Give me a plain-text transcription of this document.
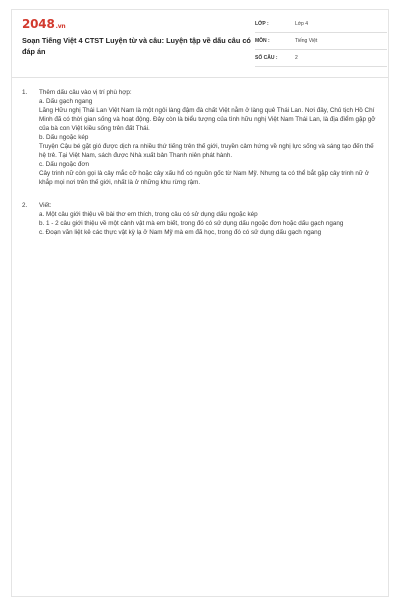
2048.vn
Soạn Tiếng Việt 4 CTST Luyện từ và câu: Luyện tập về dấu câu có đáp án
LỚP :	Lớp 4
MÔN :	Tiếng Việt
SỐ CÂU :	2
1. Thêm dấu câu vào vị trí phù hợp:

a. Dấu gạch ngang

Lăng Hữu nghị Thái Lan Việt Nam là một ngôi làng đậm đà chất Việt nằm ở làng quê Thái Lan. Nơi đây, Chủ tịch Hồ Chí Minh đã có thời gian sống và hoạt động. Đây còn là biểu tượng của tình hữu nghị Việt Nam Thái Lan, là địa điểm gặp gỡ của bà con Việt kiều sống trên đất Thái.

b. Dấu ngoặc kép

Truyện Cậu bé gặt gió được dịch ra nhiều thứ tiếng trên thế giới, truyền cảm hứng về nghị lực sống và sáng tạo đến thế hệ trẻ. Tại Việt Nam, sách được Nhà xuất bản Thanh niên phát hành.

c. Dấu ngoặc đơn

Cây trinh nữ còn gọi là cây mắc cỡ hoặc cây xấu hổ có nguồn gốc từ Nam Mỹ. Nhưng ta có thể bắt gặp cây trinh nữ ở khắp mọi nơi trên thế giới, nhất là ở những khu rừng rậm.

2. Viết:

a. Một câu giới thiệu về bài thơ em thích, trong câu có sử dụng dấu ngoặc kép

b. 1 - 2 câu giới thiệu về một cảnh vật mà em biết, trong đó có sử dụng dấu ngoặc đơn hoặc dấu gạch ngang

c. Đoạn văn liệt kê các thực vật kỳ lạ ở Nam Mỹ mà em đã học, trong đó có sử dụng dấu gạch ngang
